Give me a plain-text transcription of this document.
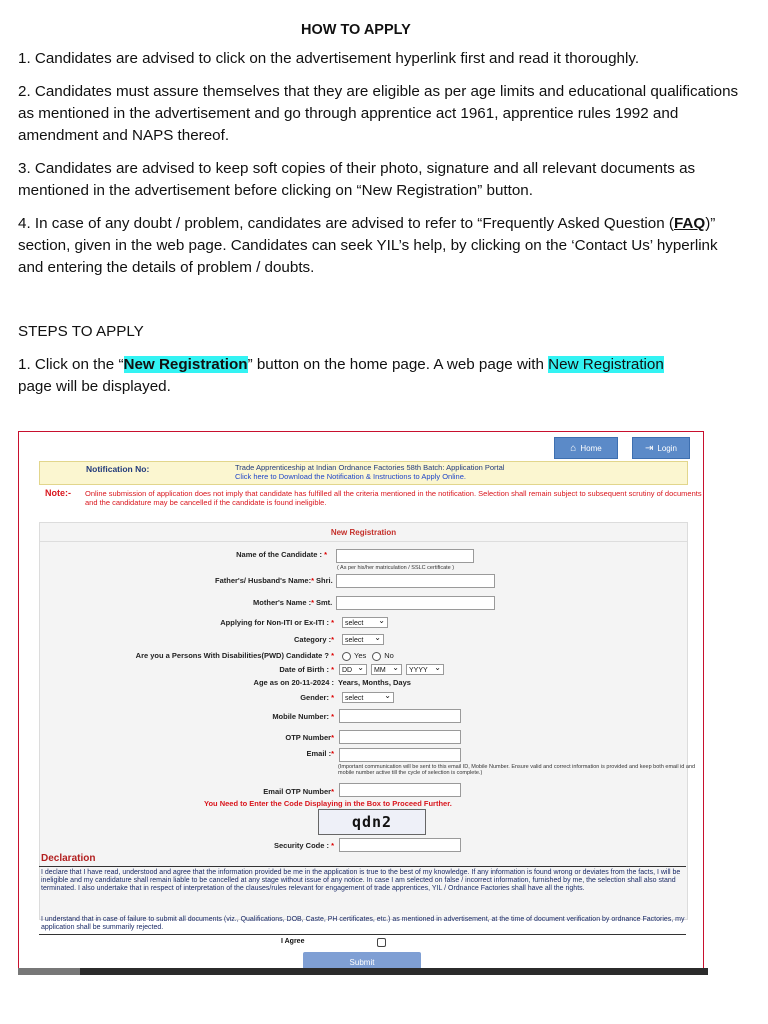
HOW TO APPLY
1. Candidates are advised to click on the advertisement hyperlink first and read it thoroughly.
2. Candidates must assure themselves that they are eligible as per age limits and educational qualifications as mentioned in the advertisement and go through apprentice act 1961, apprentice rules 1992 and amendment and NAPS thereof.
3. Candidates are advised to keep soft copies of their photo, signature and all relevant documents as mentioned in the advertisement before clicking on “New Registration” button.
4. In case of any doubt / problem, candidates are advised to refer to “Frequently Asked Question (FAQ)” section, given in the web page. Candidates can seek YIL’s help, by clicking on the ‘Contact Us’ hyperlink and entering the details of problem / doubts.
STEPS TO APPLY
1. Click on the “New Registration” button on the home page. A web page with New Registration
page will be displayed.
⌂ Home	⇥ Login
Notification No:	Trade Apprenticeship at Indian Ordnance Factories 58th Batch: Application Portal
Click here to Download the Notification & Instructions to Apply Online.
Note:- Online submission of application does not imply that candidate has fulfilled all the criteria mentioned in the notification. Selection shall remain subject to subsequent scrutiny of documents and the candidature may be cancelled if the candidate is found ineligible.
New Registration
Name of the Candidate : *
( As per his/her matriculation / SSLC certificate )
Father's/ Husband's Name:* Shri.
Mother's Name :* Smt.
Applying for Non-ITI or Ex-ITI : *	select ⌄
Category :*	select ⌄
Are you a Persons With Disabilities(PWD) Candidate ? *	Yes No
Date of Birth : *	DD ⌄	MM ⌄	YYYY ⌄
Age as on 20-11-2024 : Years, Months, Days
Gender: *	select ⌄
Mobile Number: *
OTP Number*
Email :*
(Important communication will be sent to this email ID, Mobile Number. Ensure valid and correct information is provided and keep both email id and mobile number active till the cycle of selection is complete.)
Email OTP Number*
You Need to Enter the Code Displaying in the Box to Proceed Further.
qdn2
Security Code : *
Declaration
I declare that I have read, understood and agree that the information provided be me in the application is true to the best of my knowledge. If any information is found wrong or deviates from the facts, I will be ineligible and my candidature shall remain liable to be cancelled at any stage without issue of any notice. In case I am selected on false / incorrect information, furnished by me, the selection shall also stand terminated. I also undertake that in respect of interpretation of the clauses/rules relevant for engagement of trade apprentices, YIL / Ordnance Factories shall have all the rights.
I understand that in case of failure to submit all documents (viz., Qualifications, DOB, Caste, PH certificates, etc.) as mentioned in advertisement, at the time of document verification by ordnance Factories, my application shall be summarily rejected.
I Agree
Submit
